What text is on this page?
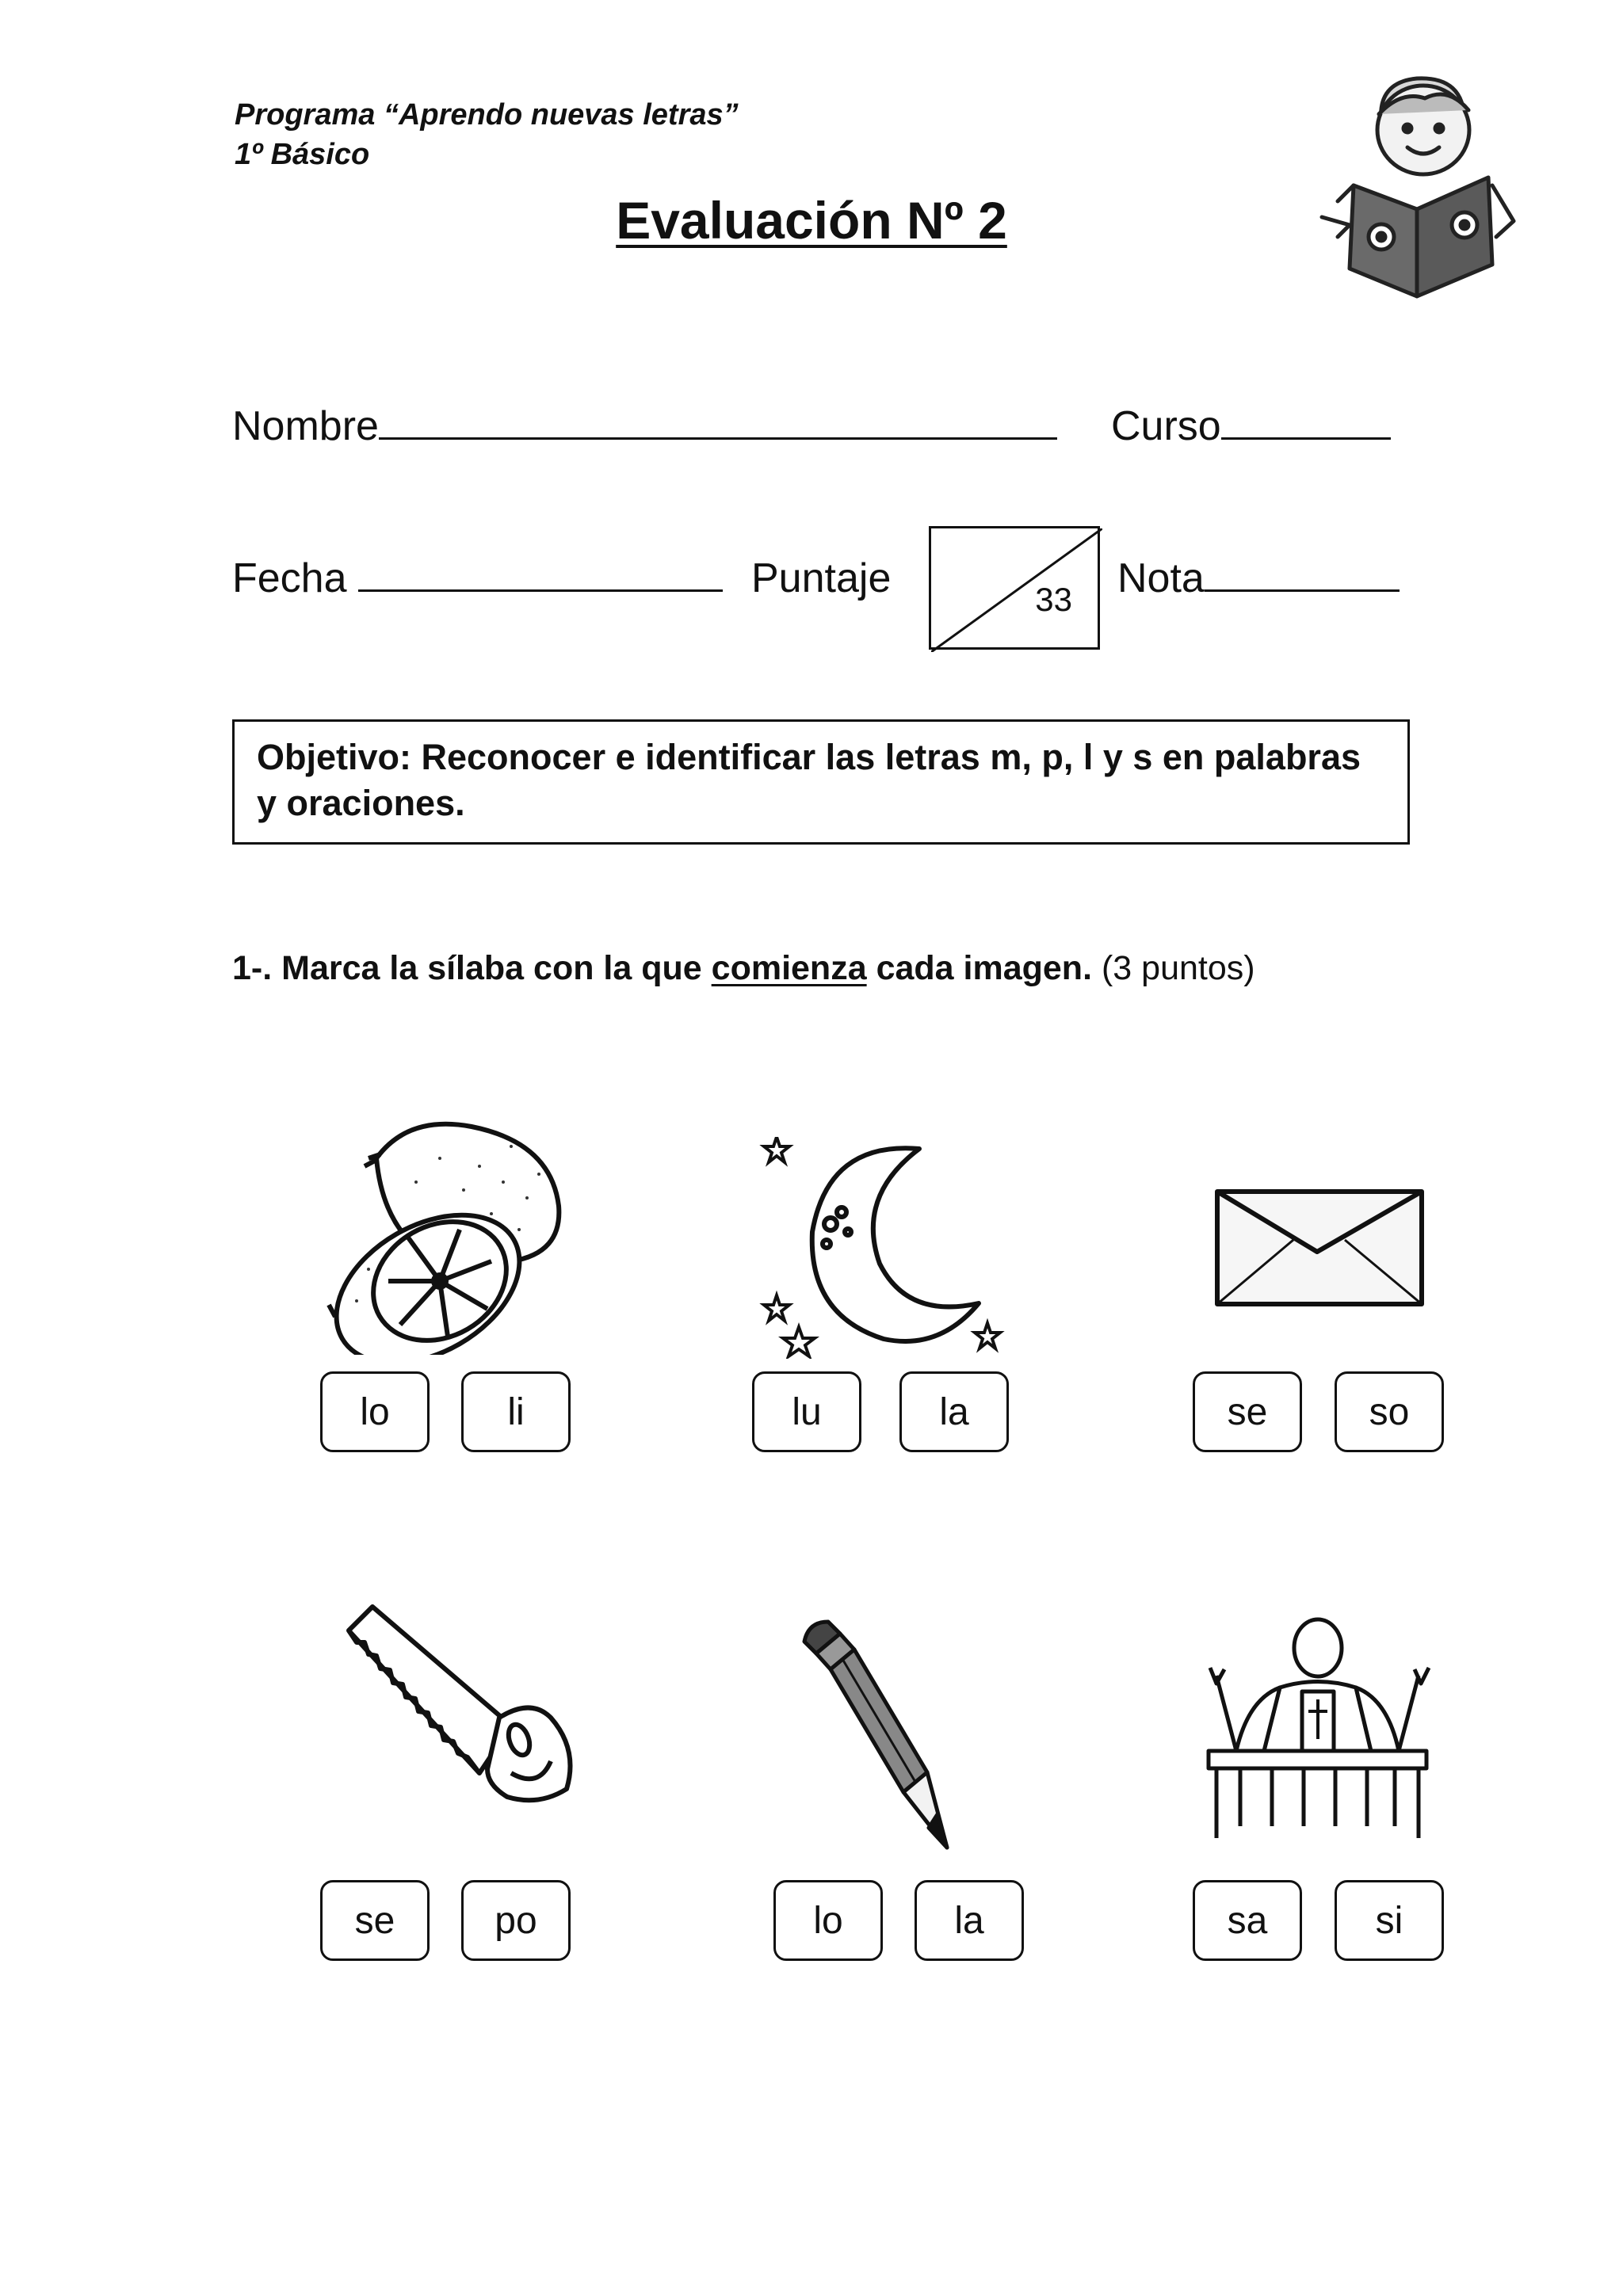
Programa “Aprendo nuevas letras”
1º Básico
Evaluación Nº 2
Nombre	Curso
Fecha	Puntaje	33 Nota
Objetivo: Reconocer e identificar las letras m, p, l y s en palabras y oraciones.
1-. Marca la sílaba con la que comienza cada imagen. (3 puntos)
lo	li	lu	la	se	so
se	po	lo	la	sa	si
